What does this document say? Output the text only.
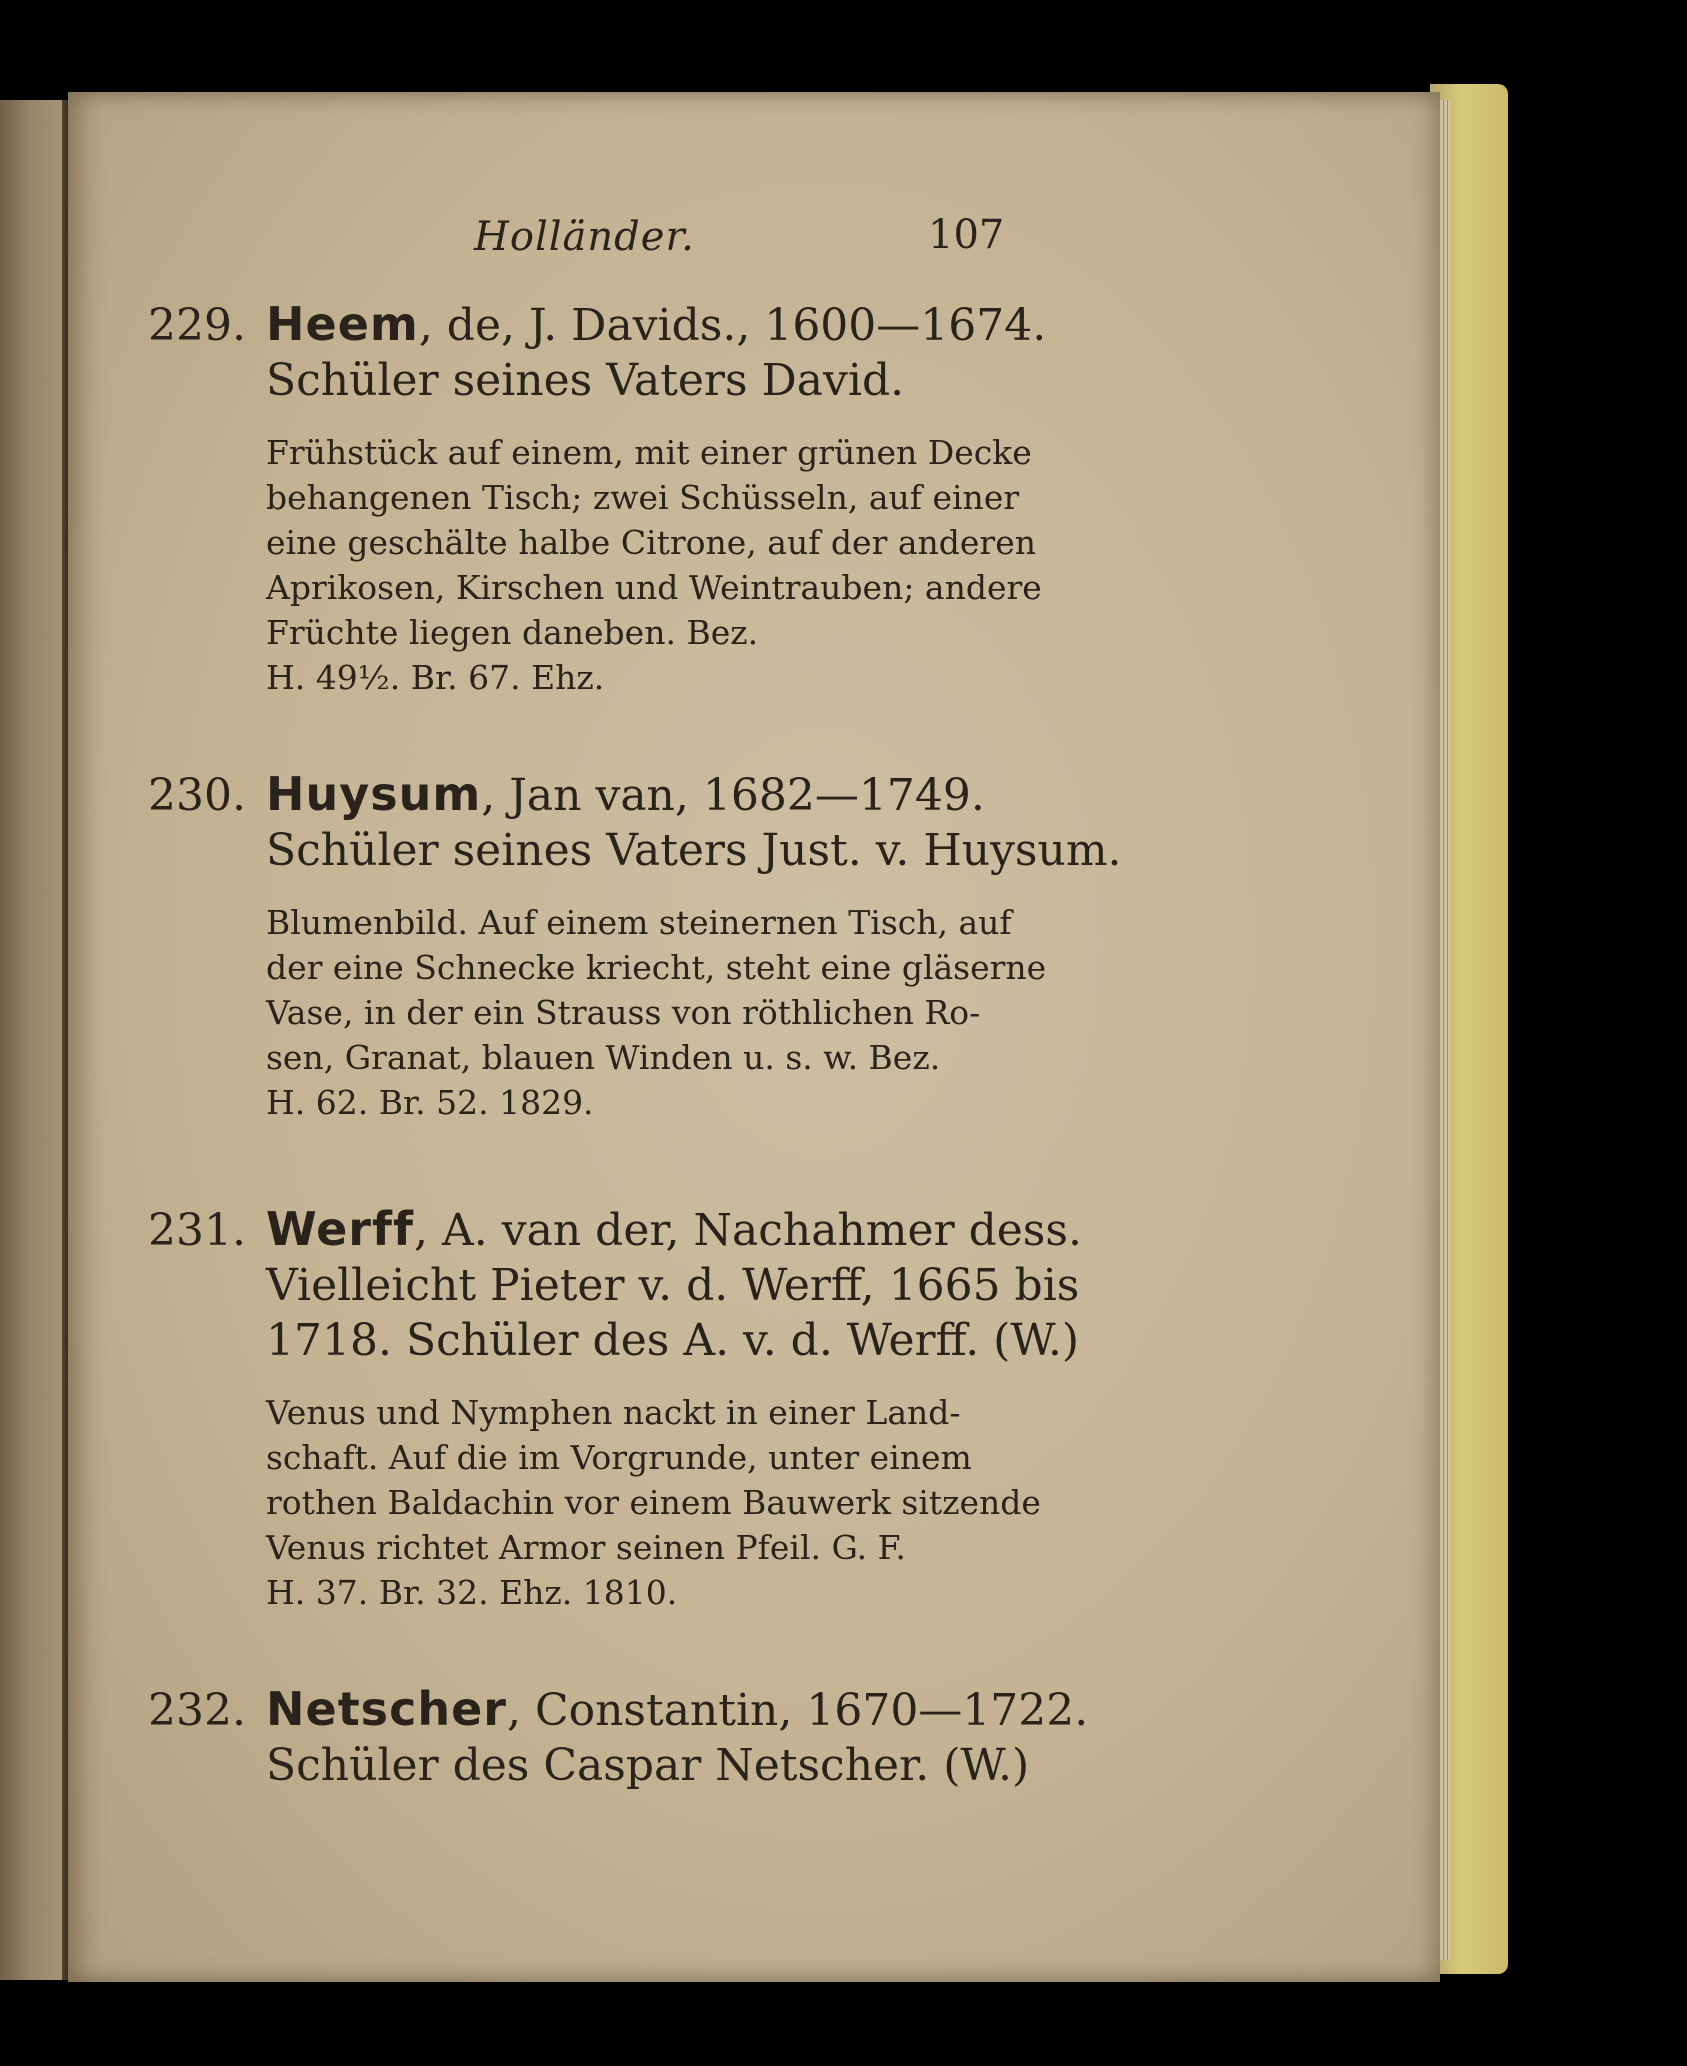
Holländer.	107
229. Heem, de, J. Davids., 1600—1674.
Schüler seines Vaters David.
Frühstück auf einem, mit einer grünen Decke
behangenen Tisch; zwei Schüsseln, auf einer
eine geschälte halbe Citrone, auf der anderen
Aprikosen, Kirschen und Weintrauben; andere
Früchte liegen daneben. Bez.
H. 49½. Br. 67. Ehz.
230. Huysum, Jan van, 1682—1749.
Schüler seines Vaters Just. v. Huysum.
Blumenbild. Auf einem steinernen Tisch, auf
der eine Schnecke kriecht, steht eine gläserne
Vase, in der ein Strauss von röthlichen Ro-
sen, Granat, blauen Winden u. s. w. Bez.
H. 62. Br. 52. 1829.
231. Werff, A. van der, Nachahmer dess.
Vielleicht Pieter v. d. Werff, 1665 bis
1718. Schüler des A. v. d. Werff. (W.)
Venus und Nymphen nackt in einer Land-
schaft. Auf die im Vorgrunde, unter einem
rothen Baldachin vor einem Bauwerk sitzende
Venus richtet Armor seinen Pfeil. G. F.
H. 37. Br. 32. Ehz. 1810.
232. Netscher, Constantin, 1670—1722.
Schüler des Caspar Netscher. (W.)
